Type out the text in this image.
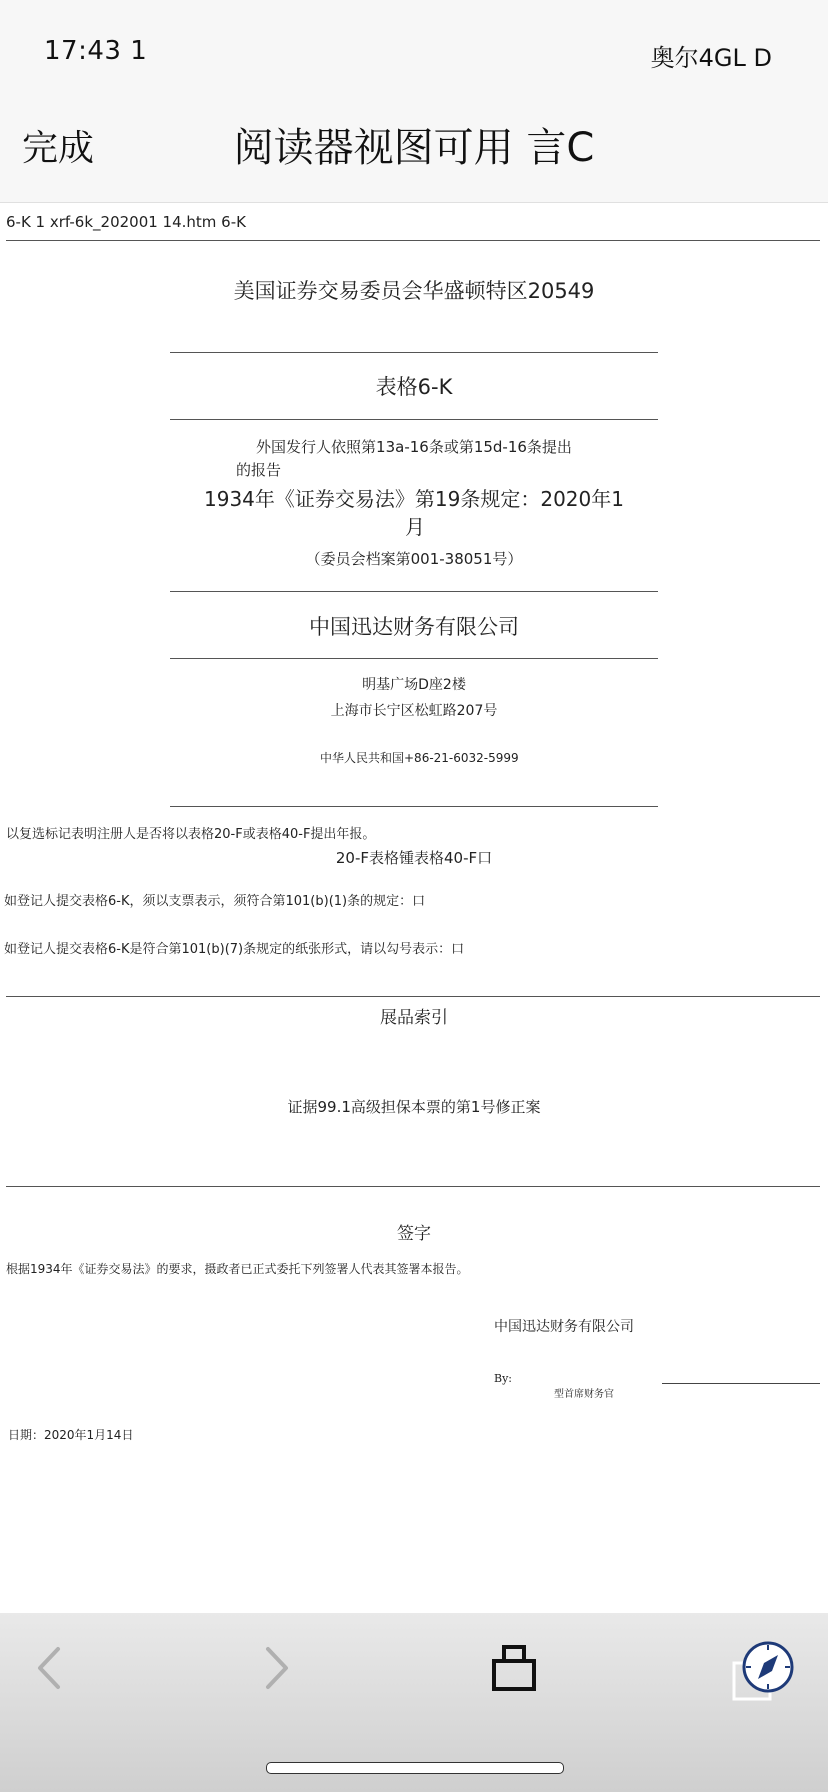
17:43 1	奥尔4GL D
完成	阅读器视图可用 言C
6-K 1 xrf-6k_202001 14.htm 6-K
美国证券交易委员会华盛顿特区20549
表格6-K
外国发行人依照第13a-16条或第15d-16条提出
的报告
1934年《证券交易法》第19条规定：2020年1
月
（委员会档案第001-38051号）
中国迅达财务有限公司
明基广场D座2楼
上海市长宁区松虹路207号
中华人民共和国+86-21-6032-5999
以复选标记表明注册人是否将以表格20-F或表格40-F提出年报。
20-F表格锺表格40-F口
如登记人提交表格6-K，须以支票表示，须符合第101(b)(1)条的规定：口
如登记人提交表格6-K是符合第101(b)(7)条规定的纸张形式，请以勾号表示：口
展品索引
证据99.1高级担保本票的第1号修正案
签字
根据1934年《证券交易法》的要求，摄政者已正式委托下列签署人代表其签署本报告。
中国迅达财务有限公司
By:
型首席财务官
日期：2020年1月14日
